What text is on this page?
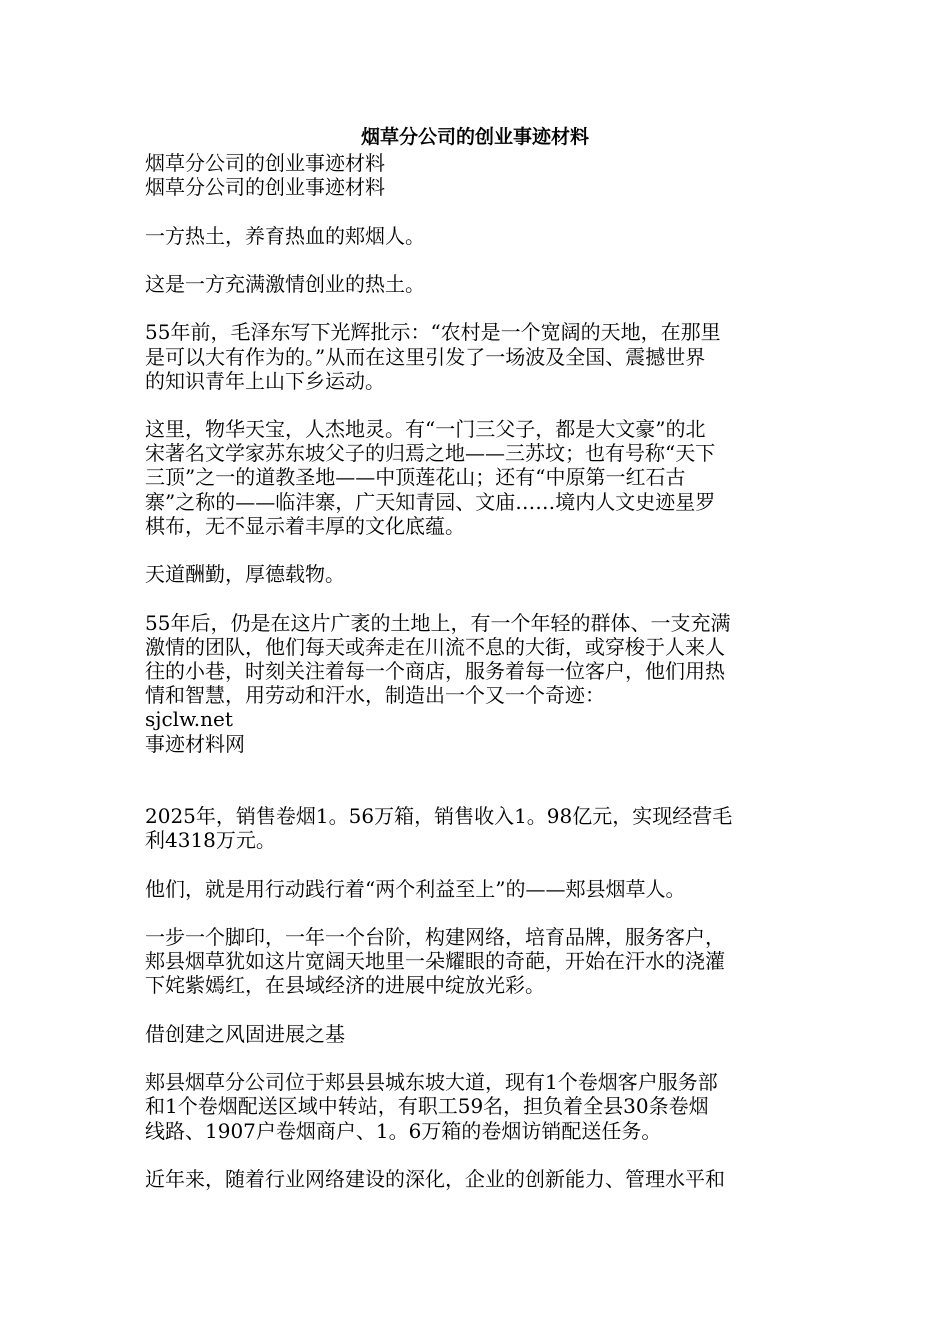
烟草分公司的创业事迹材料
烟草分公司的创业事迹材料
烟草分公司的创业事迹材料
一方热土，养育热血的郏烟人。
这是一方充满激情创业的热土。
55年前，毛泽东写下光辉批示：“农村是一个宽阔的天地，在那里
是可以大有作为的。”从而在这里引发了一场波及全国、震撼世界
的知识青年上山下乡运动。
这里，物华天宝，人杰地灵。有“一门三父子，都是大文豪”的北
宋著名文学家苏东坡父子的归焉之地——三苏坟；也有号称“天下
三顶”之一的道教圣地——中顶莲花山；还有“中原第一红石古
寨”之称的——临沣寨，广天知青园、文庙……境内人文史迹星罗
棋布，无不显示着丰厚的文化底蕴。
天道酬勤，厚德载物。
55年后，仍是在这片广袤的土地上，有一个年轻的群体、一支充满
激情的团队，他们每天或奔走在川流不息的大街，或穿梭于人来人
往的小巷，时刻关注着每一个商店，服务着每一位客户，他们用热
情和智慧，用劳动和汗水，制造出一个又一个奇迹：
sjclw.net
事迹材料网
2025年，销售卷烟1。56万箱，销售收入1。98亿元，实现经营毛
利4318万元。
他们，就是用行动践行着“两个利益至上”的——郏县烟草人。
一步一个脚印，一年一个台阶，构建网络，培育品牌，服务客户，
郏县烟草犹如这片宽阔天地里一朵耀眼的奇葩，开始在汗水的浇灌
下姹紫嫣红，在县域经济的进展中绽放光彩。
借创建之风固进展之基
郏县烟草分公司位于郏县县城东坡大道，现有1个卷烟客户服务部
和1个卷烟配送区域中转站，有职工59名，担负着全县30条卷烟
线路、1907户卷烟商户、1。6万箱的卷烟访销配送任务。
近年来，随着行业网络建设的深化，企业的创新能力、管理水平和
